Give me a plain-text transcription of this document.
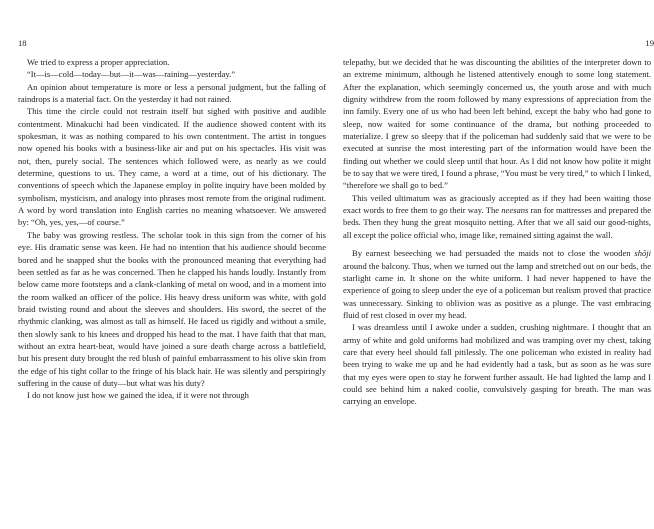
18

We tried to express a proper appreciation.

“It—is—cold—today—but—it—was—raining—yesterday.”

An opinion about temperature is more or less a personal judgment, but the falling of raindrops is a material fact. On the yesterday it had not rained.

This time the circle could not restrain itself but sighed with positive and audible contentment. Minakuchi had been vindicated. If the audience showed content with its spokesman, it was as nothing compared to his own contentment. The artist in tongues now opened his books with a business-like air and put on his spectacles. His visit was not, then, purely social. The sentences which followed were, as nearly as we could determine, questions to us. They came, a word at a time, out of his dictionary. The conventions of speech which the Japanese employ in polite inquiry have been molded by symbolism, mysticism, and analogy into phrases most remote from the original rudiment. A word by word translation into English carries no meaning whatsoever. We answered by: “Oh, yes, yes,—of course.”

The baby was growing restless. The scholar took in this sign from the corner of his eye. His dramatic sense was keen. He had no intention that his audience should become bored and he snapped shut the books with the pronounced meaning that everything had been settled as far as he was concerned. Then he clapped his hands loudly. Instantly from below came more footsteps and a clank-clanking of metal on wood, and in a moment into the room walked an officer of the police. His heavy dress uniform was white, with gold braid twisting round and about the sleeves and shoulders. His sword, the secret of the rhythmic clanking, was almost as tall as himself. He faced us rigidly and without a smile, then slowly sank to his knees and dropped his head to the mat. I have faith that that man, without an extra heart-beat, would have joined a sure death charge across a battlefield, but his present duty brought the red blush of painful embarrassment to his olive skin from the edge of his tight collar to the fringe of his black hair. He was silently and perspiringly suffering in the cause of duty—but what was his duty?

I do not know just how we gained the idea, if it were not through

19

telepathy, but we decided that he was discounting the abilities of the interpreter down to an extreme minimum, although he listened attentively enough to some long statement. After the explanation, which seemingly concerned us, the youth arose and with much dignity withdrew from the room followed by many expressions of appreciation from the inn family. Every one of us who had been left behind, except the baby who had gone to sleep, now waited for some continuance of the drama, but nothing proceeded to materialize. I grew so sleepy that if the policeman had suddenly said that we were to be executed at sunrise the most interesting part of the information would have been the finding out whether we could sleep until that hour. As I did not know how polite it might be to say that we were tired, I found a phrase, “You must be very tired,” to which I linked, “therefore we shall go to bed.”

This veiled ultimatum was as graciously accepted as if they had been waiting those exact words to free them to go their way. The neesans ran for mattresses and prepared the beds. Then they hung the great mosquito netting. After that we all said our good-nights, all except the police official who, image like, remained sitting against the wall.

By earnest beseeching we had persuaded the maids not to close the wooden shōji around the balcony. Thus, when we turned out the lamp and stretched out on our beds, the starlight came in. It shone on the white uniform. I had never happened to have the experience of going to sleep under the eye of a policeman but realism proved that practice was unnecessary. Sinking to oblivion was as positive as a plunge. The vast embracing fluid of rest closed in over my head.

I was dreamless until I awoke under a sudden, crushing nightmare. I thought that an army of white and gold uniforms had mobilized and was tramping over my chest, taking care that every heel should fall pitilessly. The one policeman who existed in reality had been trying to wake me up and he had evidently had a task, but as soon as he was sure that my eyes were open to stay he forwent further assault. He had lighted the lamp and I could see behind him a naked coolie, convulsively gasping for breath. The man was carrying an envelope.
